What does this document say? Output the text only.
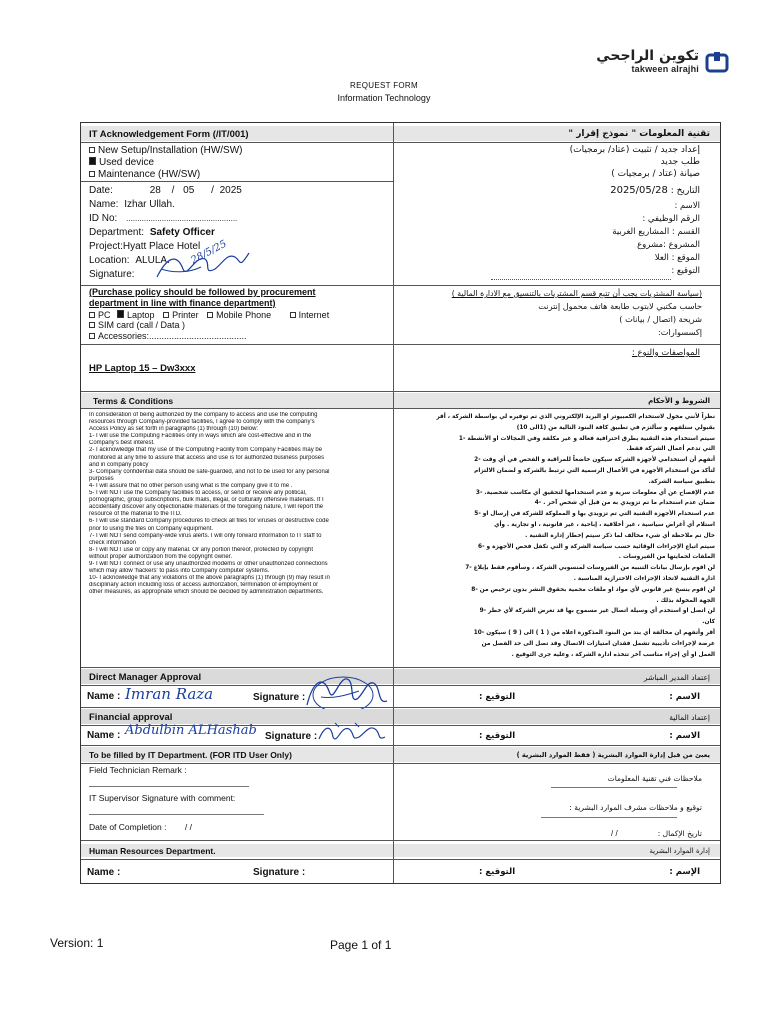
تكوين الراجحي
takween alrajhi
REQUEST FORM
Information Technology
IT Acknowledgement Form (/IT/001)	تقنية المعلومات " نموذج إقرار "
New Setup/Installation (HW/SW)
Used device
Maintenance (HW/SW)
إعداد جديد / تثبيت (عتاد/ برمجيات)
طلب جديد
صيانة (عتاد / برمجيات )
Date:	28 / 05 / 2025
Name: Izhar Ullah.
ID No: ..................................................
Department: Safety Officer
Project:Hyatt Place Hotel
Location: ALULA.
Signature:
التاريخ : 2025/05/28
الاسم :
الرقم الوظيفي :
القسم : المشاريع الغربية
المشروع :مشروع
الموقع : العلا
التوقيع :
(Purchase policy should be followed by procurement
department in line with finance department)
PC Laptop Printer Mobile Phone	Internet
SIM card (call / Data )
Accessories:.......................................
(سياسة المشتريات يجب أن تتبع قسم المشتريات بالتنسيق مع الادارة المالية )
حاسب مكتبي لابتوب طابعة هاتف محمول إنترنت
شريحة (اتصال / بيانات )
إكسسوارات:
HP Laptop 15 – Dw3xxx
المواصفات والنوع :
Terms & Conditions	الشروط و الأحكام
In consideration of being authorized by the company to access and use the computing
resources through Company-provided facilities, I agree to comply with the company's
Access Policy as set forth in paragraphs (1) through (10) below:
1- I will use the Computing Facilities only in ways which are cost-effective and in the
Company's best interest.
2- I acknowledge that my use of the Computing Facility from Company Facilities may be
monitored at any time to assure that access and use is for authorized business purposes
and in company policy
3- Company confidential data should be safe-guarded, and not to be used for any personal
purposes
4- I will assure that no other person using what is the company give it to me .
5- I will NOT use the Company facilities to access, or send or receive any political,
pornographic, group subscriptions, bulk mails, illegal, or culturally offensive materials. If I
accidentally discover any objectionable materials of the foregoing nature, I will report the
resource of the material to the ITD.
6- I will use standard Company procedures to check all files for viruses or destructive code
prior to using the files on Company equipment.
7- I will NOT send company-wide virus alerts. I will only forward information to IT staff to
check information
8- I will NOT use or copy any material. Or any portion thereof, protected by copyright
without proper authorization from the copyright owner.
9- I will NOT connect or use any unauthorized modems or other unauthorized connections
which may allow 'hackers' to pass into Company computer systems.
10- I acknowledge that any violations of the above paragraphs (1) through (9) may result in
disciplinary action including loss of access authorization, termination of employment or
other measures, as appropriate which should be decided by administration departments.
نظراً لأنني مخول لاستخدام الكمبيوتر او البريد الإلكتروني الذي تم توفيره لي بواسطة الشركة ، أقر
بقبولي ستلفهم و سألتزم في تطبيق كافة البنود التالية من (1الى 10)
سيتم استخدام هذه التقنية بطرق احترافية فعالة و غير مكلفة وفي المجالات او الأنشطة -1
التي تدعم أعمال الشركة فقط.
أتفهم أن استخدامي لأجهزة الشركة سيكون خاضعاً للمراقبة و الفحص في أي وقت -2
لتأكد من استخدام الأجهزة في الأعمال الرسمية التي ترتبط بالشركة و لضمان الالتزام
بتطبيق سياسة الشركة.
عدم الإفصاح عن أي معلومات سرية و عدم استخدامها لتحقيق أي مكاسب شخصية. -3
ضمان عدم استخدام ما تم تزويدي به من قبل أي شخص آخر . -4
عدم استخدام الأجهزة التقنية التي تم تزويدي بها و المملوكة للشركة في إرسال او -5
استلام أي أغراض سياسية ، غير أخلاقية ، إباحية ، غير قانونية ، او تجارية . وأي
حال تم ملاحظة أي شيء مخالف لما ذكر سيتم إخطار إدارة التقنية .
سيتم اتباع الإجراءات الوقائية حسب سياسة الشركة و التي تكفل فحص الأجهزة و -6
الملفات لحمايتها من الفيروسات .
لن اقوم بإرسال بيانات التنبيه من الفيروسات لمنسوبي الشركة ، وسأقوم فقط بإبلاغ -7
ادارة التقنية لاتخاذ الإجراءات الاحترازية المناسبة .
لن اقوم بنسخ غير قانوني لأي مواد او ملفات محمية بحقوق النشر بدون ترخيص من -8
الجهة المخولة بذلك .
لن اتصل او استخدم أي وسيلة اتصال غير مسموح بها قد تعرض الشركة لأي خطر -9
كان.
أقر وأتفهم ان مخالفة أي بند من البنود المذكورة اعلاه من ( 1 ) الى ( 9 ) سيكون -10
عرضة لإجراءات تأديبية تشمل فقدان امتيازات الاتصال وقد تصل الى حد الفصل من
العمل او أي إجراء مناسب آخر تتخذه ادارة الشركة ، وعليه جرى التوقيع .
Direct Manager Approval	إعتماد المدير المباشر
Name : Imran Raza	Signature :	الاسم :
التوقيع :
Financial approval	إعتماد المالية
Name : Abdulbin ALHashab Signature :	الاسم :
التوقيع :
To be filled by IT Department. (FOR ITD User Only)	يعبئ من قبل إدارة الموارد البشرية ( فقط الموارد البشرية )
Field Technician Remark :
IT Supervisor Signature with comment:
Date of Completion : / /
ملاحظات فني تقنية المعلومات
توقيع و ملاحظات مشرف الموارد البشرية :
تاريخ الإكمال :
/ /
Human Resources Department.	إدارة الموارد البشرية
Name :	Signature :	الإسم :
التوقيع :
28/5/25
Version: 1	Page 1 of 1
